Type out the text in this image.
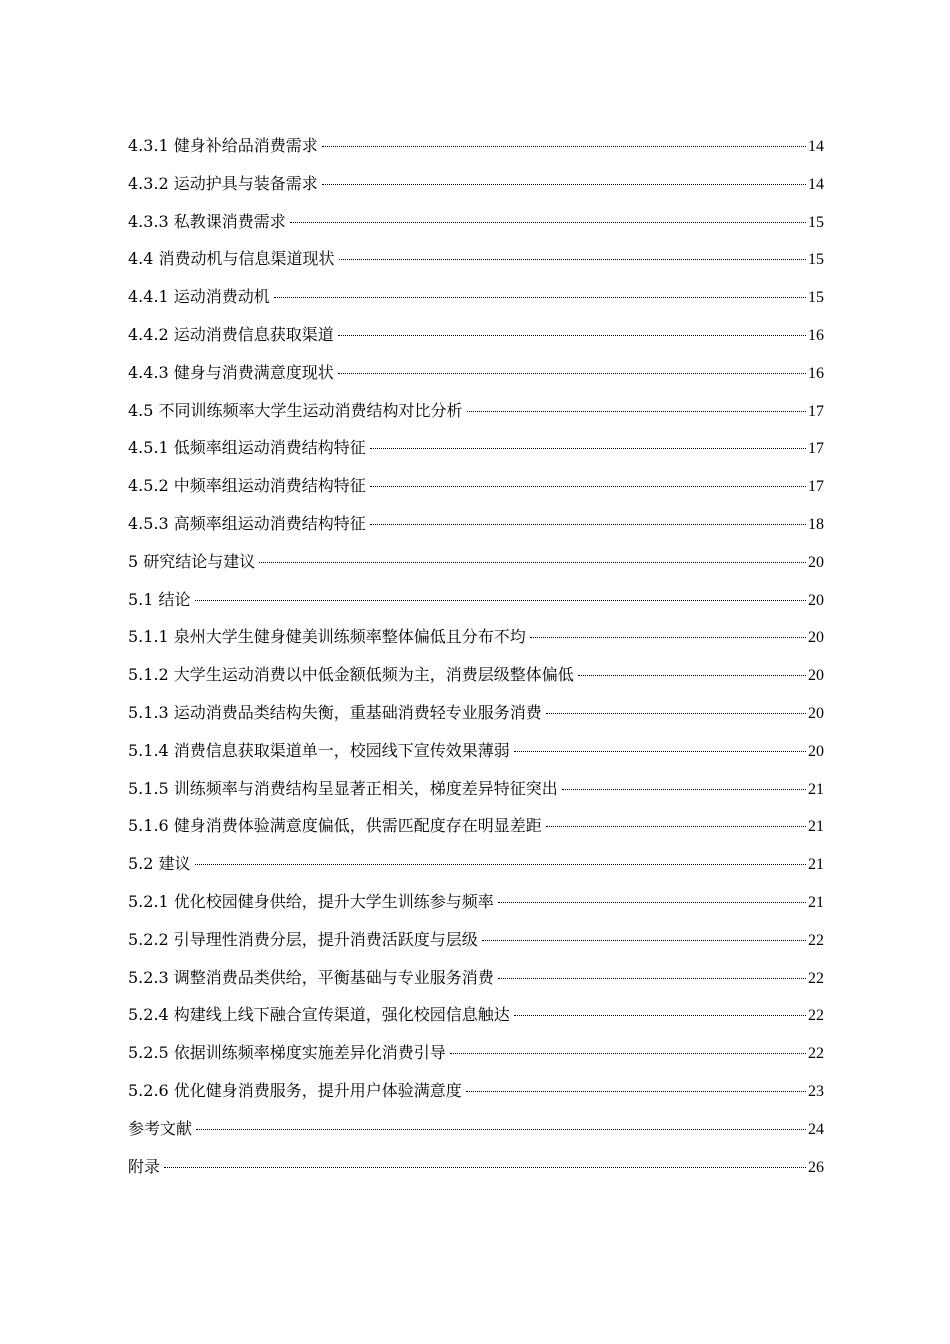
4.3.1 健身补给品消费需求	14
4.3.2 运动护具与装备需求	14
4.3.3 私教课消费需求	15
4.4 消费动机与信息渠道现状	15
4.4.1 运动消费动机	15
4.4.2 运动消费信息获取渠道	16
4.4.3 健身与消费满意度现状	16
4.5 不同训练频率大学生运动消费结构对比分析	17
4.5.1 低频率组运动消费结构特征	17
4.5.2 中频率组运动消费结构特征	17
4.5.3 高频率组运动消费结构特征	18
5 研究结论与建议	20
5.1 结论	20
5.1.1 泉州大学生健身健美训练频率整体偏低且分布不均	20
5.1.2 大学生运动消费以中低金额低频为主，消费层级整体偏低	20
5.1.3 运动消费品类结构失衡，重基础消费轻专业服务消费	20
5.1.4 消费信息获取渠道单一，校园线下宣传效果薄弱	20
5.1.5 训练频率与消费结构呈显著正相关，梯度差异特征突出	21
5.1.6 健身消费体验满意度偏低，供需匹配度存在明显差距	21
5.2 建议	21
5.2.1 优化校园健身供给，提升大学生训练参与频率	21
5.2.2 引导理性消费分层，提升消费活跃度与层级	22
5.2.3 调整消费品类供给，平衡基础与专业服务消费	22
5.2.4 构建线上线下融合宣传渠道，强化校园信息触达	22
5.2.5 依据训练频率梯度实施差异化消费引导	22
5.2.6 优化健身消费服务，提升用户体验满意度	23
参考文献	24
附录	26
